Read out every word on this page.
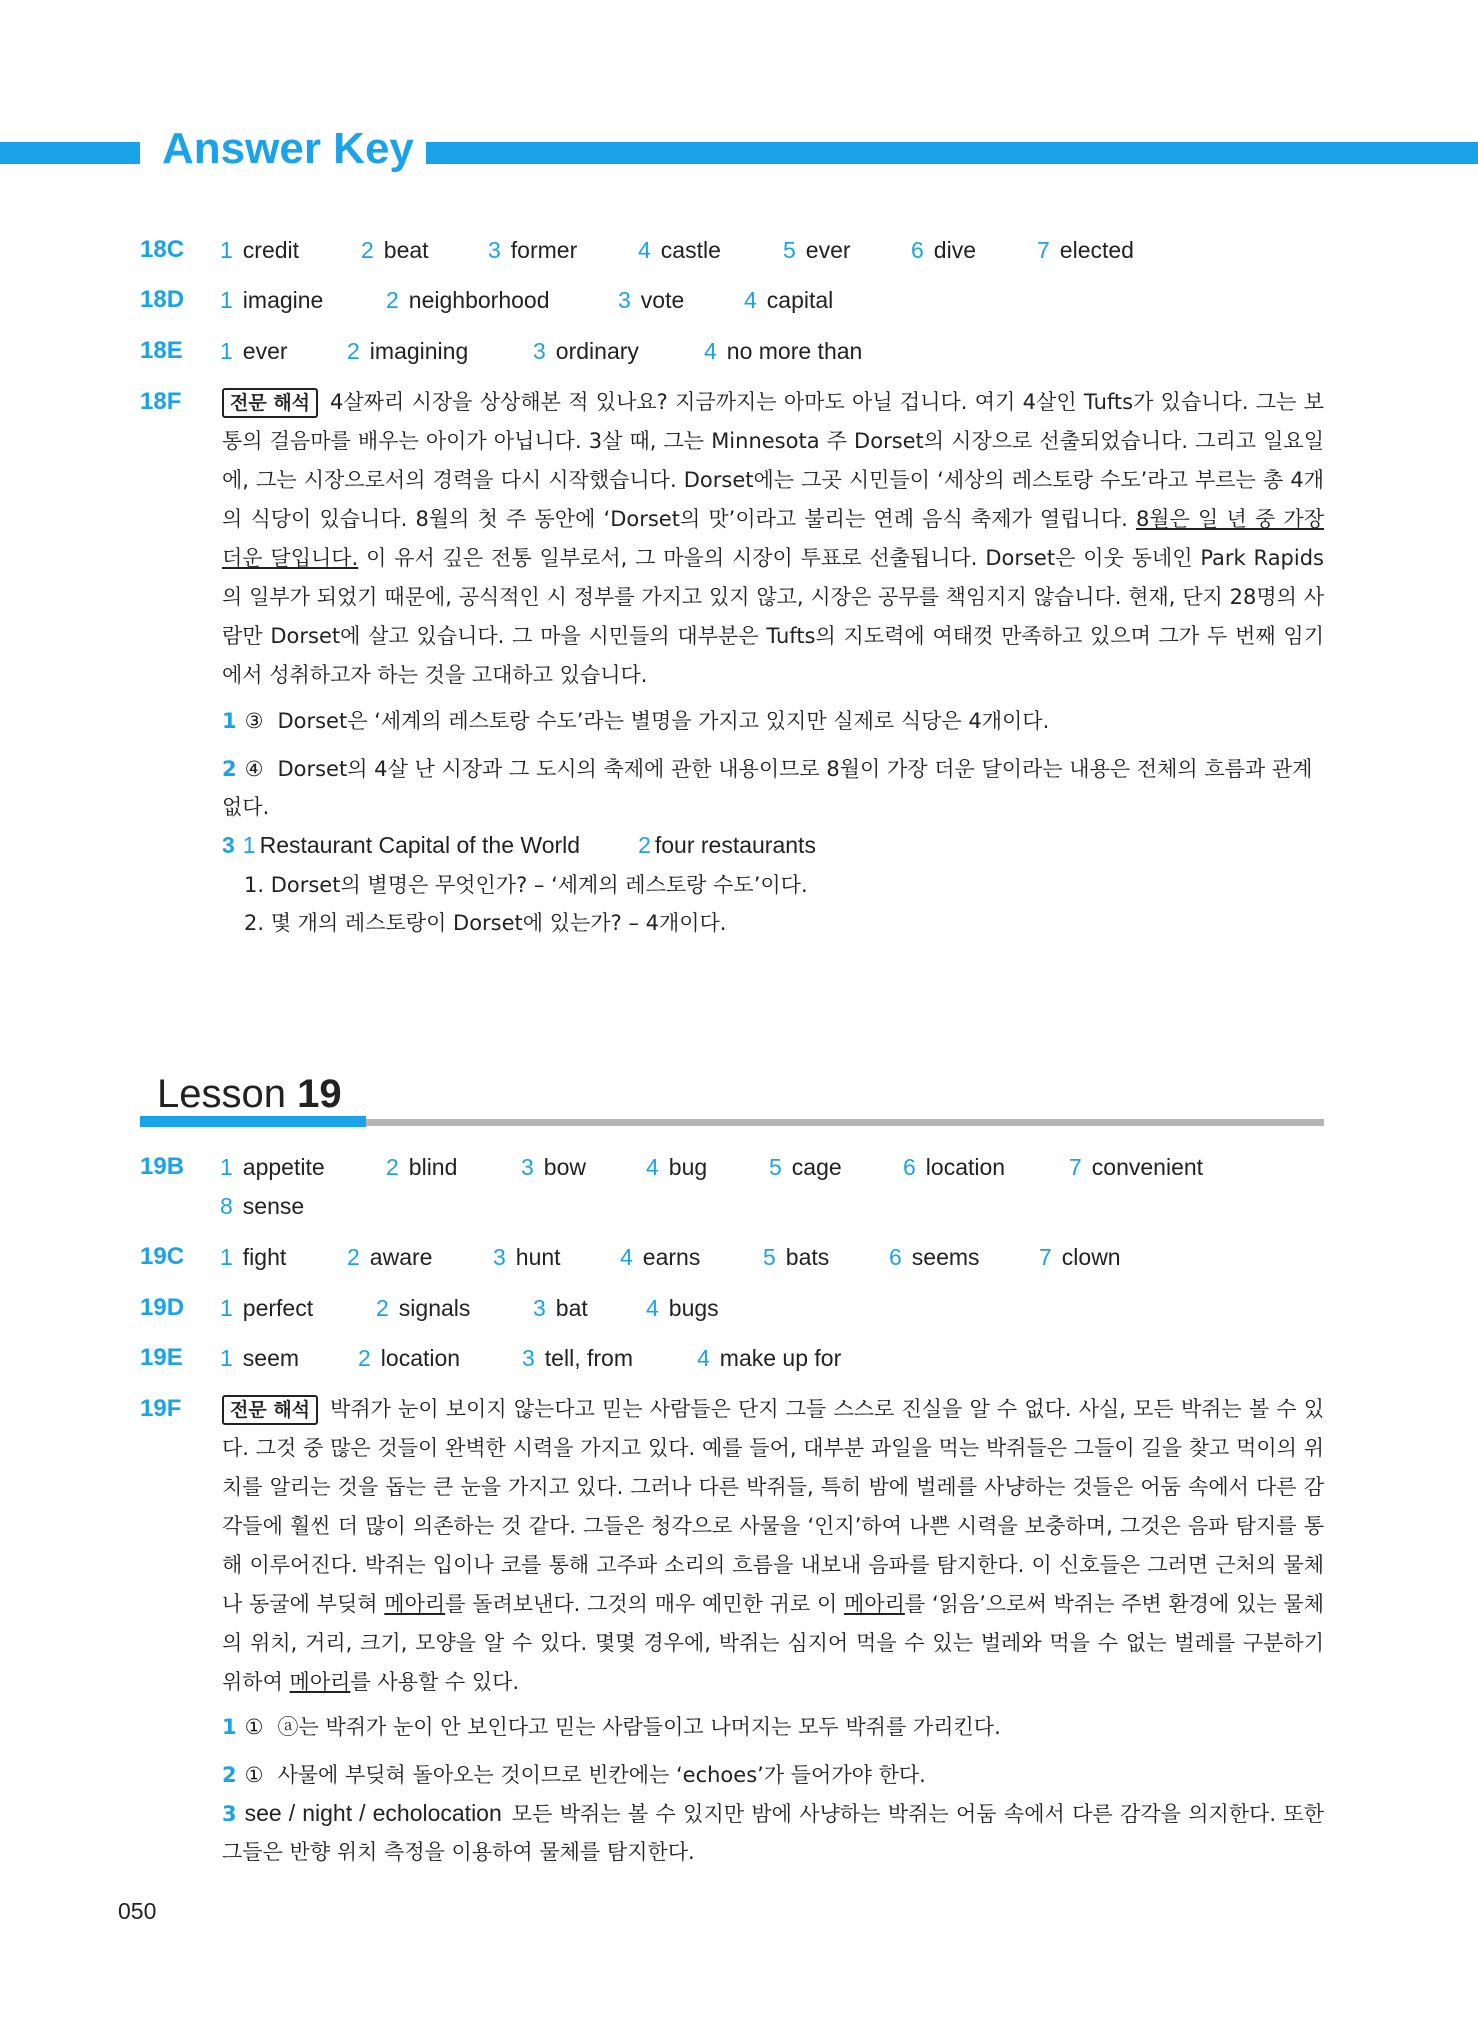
Answer Key
18C 1 credit	2 beat	3 former	4 castle	5 ever	6 dive	7 elected
18D 1 imagine	2 neighborhood	3 vote	4 capital
18E 1 ever	2 imagining	3 ordinary	4 no more than
18F	전문 해석 4살짜리 시장을 상상해본 적 있나요? 지금까지는 아마도 아닐 겁니다. 여기 4살인 Tufts가 있습니다. 그는 보통의 걸음마를 배우는 아이가 아닙니다. 3살 때, 그는 Minnesota 주 Dorset의 시장으로 선출되었습니다. 그리고 일요일에, 그는 시장으로서의 경력을 다시 시작했습니다. Dorset에는 그곳 시민들이 ‘세상의 레스토랑 수도’라고 부르는 총 4개의 식당이 있습니다. 8월의 첫 주 동안에 ‘Dorset의 맛’이라고 불리는 연례 음식 축제가 열립니다. 8월은 일 년 중 가장 더운 달입니다. 이 유서 깊은 전통 일부로서, 그 마을의 시장이 투표로 선출됩니다. Dorset은 이웃 동네인 Park Rapids의 일부가 되었기 때문에, 공식적인 시 정부를 가지고 있지 않고, 시장은 공무를 책임지지 않습니다. 현재, 단지 28명의 사람만 Dorset에 살고 있습니다. 그 마을 시민들의 대부분은 Tufts의 지도력에 여태껏 만족하고 있으며 그가 두 번째 임기에서 성취하고자 하는 것을 고대하고 있습니다.
1 ③ Dorset은 ‘세계의 레스토랑 수도’라는 별명을 가지고 있지만 실제로 식당은 4개이다.
2 ④ Dorset의 4살 난 시장과 그 도시의 축제에 관한 내용이므로 8월이 가장 더운 달이라는 내용은 전체의 흐름과 관계없다.
3 1 Restaurant Capital of the World	2 four restaurants
1. Dorset의 별명은 무엇인가? – ‘세계의 레스토랑 수도’이다.
2. 몇 개의 레스토랑이 Dorset에 있는가? – 4개이다.
Lesson 19
19B 1 appetite	2 blind	3 bow	4 bug	5 cage	6 location	7 convenient
8 sense
19C 1 fight	2 aware	3 hunt	4 earns	5 bats	6 seems	7 clown
19D 1 perfect	2 signals	3 bat	4 bugs
19E 1 seem	2 location	3 tell, from	4 make up for
19F	전문 해석 박쥐가 눈이 보이지 않는다고 믿는 사람들은 단지 그들 스스로 진실을 알 수 없다. 사실, 모든 박쥐는 볼 수 있다. 그것 중 많은 것들이 완벽한 시력을 가지고 있다. 예를 들어, 대부분 과일을 먹는 박쥐들은 그들이 길을 찾고 먹이의 위치를 알리는 것을 돕는 큰 눈을 가지고 있다. 그러나 다른 박쥐들, 특히 밤에 벌레를 사냥하는 것들은 어둠 속에서 다른 감각들에 훨씬 더 많이 의존하는 것 같다. 그들은 청각으로 사물을 ‘인지’하여 나쁜 시력을 보충하며, 그것은 음파 탐지를 통해 이루어진다. 박쥐는 입이나 코를 통해 고주파 소리의 흐름을 내보내 음파를 탐지한다. 이 신호들은 그러면 근처의 물체나 동굴에 부딪혀 메아리를 돌려보낸다. 그것의 매우 예민한 귀로 이 메아리를 ‘읽음’으로써 박쥐는 주변 환경에 있는 물체의 위치, 거리, 크기, 모양을 알 수 있다. 몇몇 경우에, 박쥐는 심지어 먹을 수 있는 벌레와 먹을 수 없는 벌레를 구분하기 위하여 메아리를 사용할 수 있다.
1 ① ⓐ는 박쥐가 눈이 안 보인다고 믿는 사람들이고 나머지는 모두 박쥐를 가리킨다.
2 ① 사물에 부딪혀 돌아오는 것이므로 빈칸에는 ‘echoes’가 들어가야 한다.
3 see / night / echolocation 모든 박쥐는 볼 수 있지만 밤에 사냥하는 박쥐는 어둠 속에서 다른 감각을 의지한다. 또한 그들은 반향 위치 측정을 이용하여 물체를 탐지한다.
050
